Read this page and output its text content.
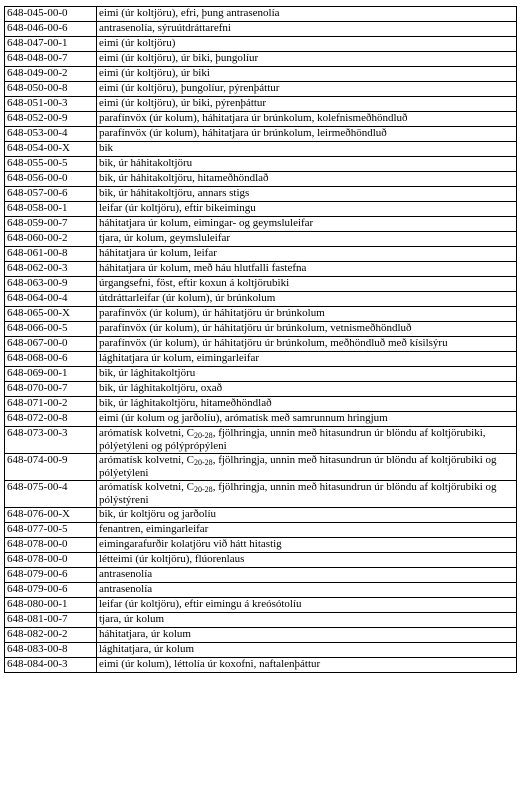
648-045-00-0	eimi (úr koltjöru), efri, þung antrasenolía
648-046-00-6	antrasenolía, sýruútdráttarefni
648-047-00-1	eimi (úr koltjöru)
648-048-00-7	eimi (úr koltjöru), úr biki, þungolíur
648-049-00-2	eimi (úr koltjöru), úr biki
648-050-00-8	eimi (úr koltjöru), þungolíur, pýrenþáttur
648-051-00-3	eimi (úr koltjöru), úr biki, pýrenþáttur
648-052-00-9	parafínvöx (úr kolum), háhitatjara úr brúnkolum, kolefnismeðhöndluð
648-053-00-4	parafínvöx (úr kolum), háhitatjara úr brúnkolum, leirmeðhöndluð
648-054-00-X	bik
648-055-00-5	bik, úr háhitakoltjöru
648-056-00-0	bik, úr háhitakoltjöru, hitameðhöndlað
648-057-00-6	bik, úr háhitakoltjöru, annars stigs
648-058-00-1	leifar (úr koltjöru), eftir bikeimingu
648-059-00-7	háhitatjara úr kolum, eimingar- og geymsluleifar
648-060-00-2	tjara, úr kolum, geymsluleifar
648-061-00-8	háhitatjara úr kolum, leifar
648-062-00-3	háhitatjara úr kolum, með háu hlutfalli fastefna
648-063-00-9	úrgangsefni, föst, eftir koxun á koltjörubiki
648-064-00-4	útdráttarleifar (úr kolum), úr brúnkolum
648-065-00-X	parafínvöx (úr kolum), úr háhitatjöru úr brúnkolum
648-066-00-5	parafínvöx (úr kolum), úr háhitatjöru úr brúnkolum, vetnismeðhöndluð
648-067-00-0	parafínvöx (úr kolum), úr háhitatjöru úr brúnkolum, meðhöndluð með kísilsýru
648-068-00-6	lághitatjara úr kolum, eimingarleifar
648-069-00-1	bik, úr lághitakoltjöru
648-070-00-7	bik, úr lághitakoltjöru, oxað
648-071-00-2	bik, úr lághitakoltjöru, hitameðhöndlað
648-072-00-8	eimi (úr kolum og jarðolíu), arómatísk með samrunnum hringjum
648-073-00-3	arómatísk kolvetni, $C_{20-28}$, fjölhringja, unnin með hitasundrun úr blöndu af koltjörubiki, pólýetýleni og pólýprópýleni
648-074-00-9	arómatísk kolvetni, $C_{20-28}$, fjölhringja, unnin með hitasundrun úr blöndu af koltjörubiki og pólýetýleni
648-075-00-4	arómatísk kolvetni, $C_{20-28}$, fjölhringja, unnin með hitasundrun úr blöndu af koltjörubiki og pólýstýreni
648-076-00-X	bik, úr koltjöru og jarðolíu
648-077-00-5	fenantren, eimingarleifar
648-078-00-0	eimingarafurðir kolatjöru við hátt hitastig
648-078-00-0	létteimi (úr koltjöru), flúorenlaus
648-079-00-6	antrasenolía
648-079-00-6	antrasenolía
648-080-00-1	leifar (úr koltjöru), eftir eimingu á kreósótolíu
648-081-00-7	tjara, úr kolum
648-082-00-2	háhitatjara, úr kolum
648-083-00-8	lághitatjara, úr kolum
648-084-00-3	eimi (úr kolum), léttolía úr koxofni, naftalenþáttur
